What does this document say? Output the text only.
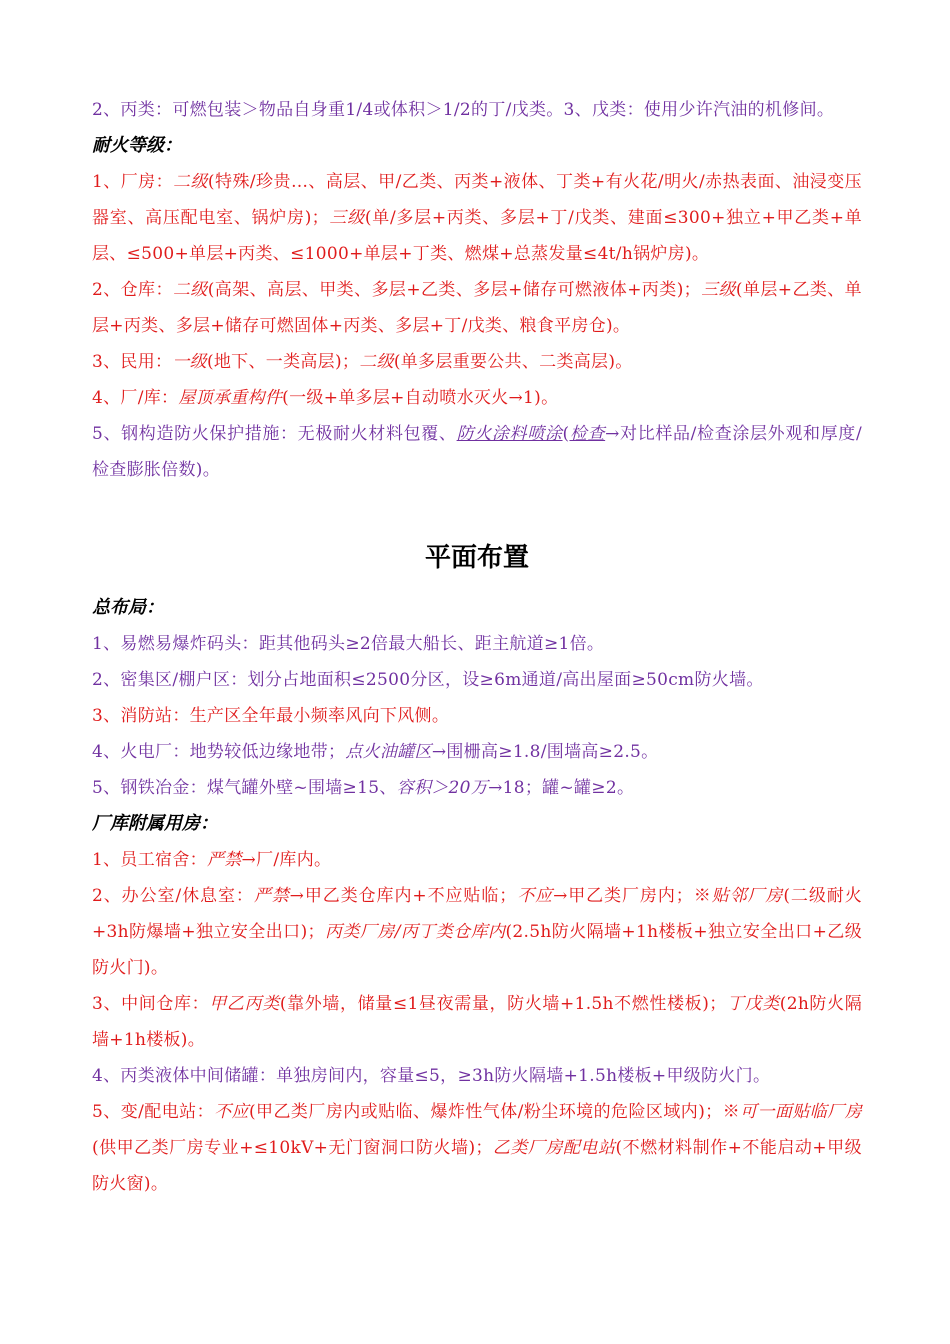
2、丙类：可燃包装＞物品自身重1/4或体积＞1/2的丁/戊类。3、戊类：使用少许汽油的机修间。

耐火等级：

1、厂房：二级(特殊/珍贵…、高层、甲/乙类、丙类+液体、丁类+有火花/明火/赤热表面、油浸变压器室、高压配电室、锅炉房)；三级(单/多层+丙类、多层+丁/戊类、建面≤300+独立+甲乙类+单层、≤500+单层+丙类、≤1000+单层+丁类、燃煤+总蒸发量≤4t/h锅炉房)。

2、仓库：二级(高架、高层、甲类、多层+乙类、多层+储存可燃液体+丙类)；三级(单层+乙类、单层+丙类、多层+储存可燃固体+丙类、多层+丁/戊类、粮食平房仓)。

3、民用：一级(地下、一类高层)；二级(单多层重要公共、二类高层)。

4、厂/库：屋顶承重构件(一级+单多层+自动喷水灭火→1)。

5、钢构造防火保护措施：无极耐火材料包覆、防火涂料喷涂(检查→对比样品/检查涂层外观和厚度/检查膨胀倍数)。

平面布置

总布局：

1、易燃易爆炸码头：距其他码头≥2倍最大船长、距主航道≥1倍。

2、密集区/棚户区：划分占地面积≤2500分区，设≥6m通道/高出屋面≥50cm防火墙。

3、消防站：生产区全年最小频率风向下风侧。

4、火电厂：地势较低边缘地带；点火油罐区→围栅高≥1.8/围墙高≥2.5。

5、钢铁冶金：煤气罐外壁~围墙≥15、容积＞20万→18；罐~罐≥2。

厂库附属用房：

1、员工宿舍：严禁→厂/库内。

2、办公室/休息室：严禁→甲乙类仓库内+不应贴临；不应→甲乙类厂房内；※贴邻厂房(二级耐火+3h防爆墙+独立安全出口)；丙类厂房/丙丁类仓库内(2.5h防火隔墙+1h楼板+独立安全出口+乙级防火门)。

3、中间仓库：甲乙丙类(靠外墙，储量≤1昼夜需量，防火墙+1.5h不燃性楼板)；丁戊类(2h防火隔墙+1h楼板)。

4、丙类液体中间储罐：单独房间内，容量≤5，≥3h防火隔墙+1.5h楼板+甲级防火门。

5、变/配电站：不应(甲乙类厂房内或贴临、爆炸性气体/粉尘环境的危险区域内)；※可一面贴临厂房(供甲乙类厂房专业+≤10kV+无门窗洞口防火墙)；乙类厂房配电站(不燃材料制作+不能启动+甲级防火窗)。
